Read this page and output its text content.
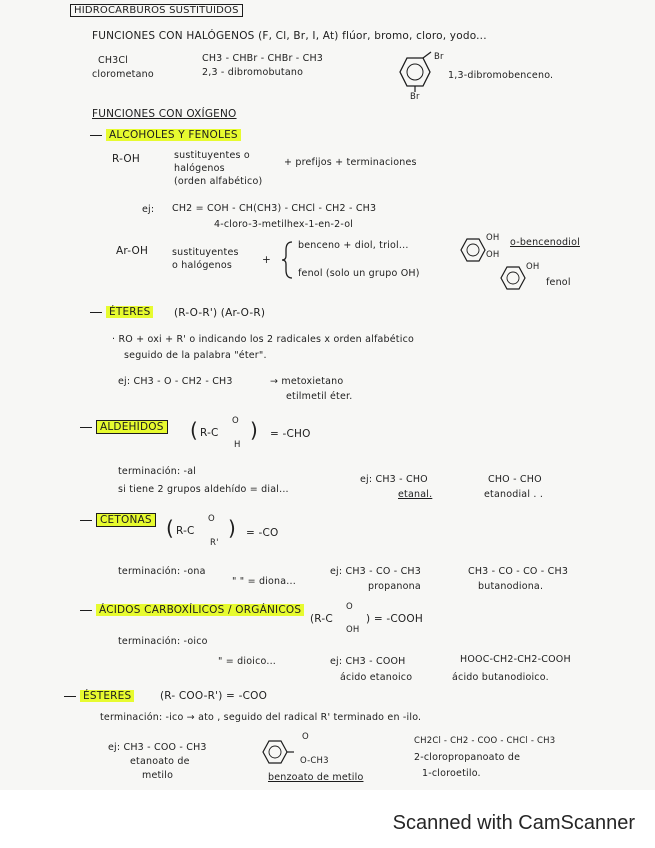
HIDROCARBUROS SUSTITUIDOS
FUNCIONES CON HALÓGENOS (F, Cl, Br, I, At) flúor, bromo, cloro, yodo...
CH3Cl
clorometano
CH3 - CHBr - CHBr - CH3
2,3 - dibromobutano
Br
Br
1,3-dibromobenceno.
FUNCIONES CON OXÍGENO
ALCOHOLES Y FENOLES
R-OH	sustituyentes o
halógenos
(orden alfabético)
+ prefijos + terminaciones
ej: CH2 = COH - CH(CH3) - CHCl - CH2 - CH3
4-cloro-3-metilhex-1-en-2-ol
Ar-OH	sustituyentes
o halógenos	+
benceno + diol, triol...
fenol (solo un grupo OH)
OH
OH
o-bencenodiol
OH
fenol
ÉTERES (R-O-R') (Ar-O-R)
· RO + oxi + R' o indicando los 2 radicales x orden alfabético
seguido de la palabra "éter".
ej: CH3 - O - CH2 - CH3	→ metoxietano
etilmetil éter.
ALDEHÍDOS ( R-C
O
H
) = -CHO
terminación: -al
si tiene 2 grupos aldehído = dial...
ej: CH3 - CHO
etanal.
CHO - CHO
etanodial . .
CETONAS ( R-C
O
R'
) = -CO
terminación: -ona
" " = diona...
ej: CH3 - CO - CH3
propanona
CH3 - CO - CO - CH3
butanodiona.
ÁCIDOS CARBOXÍLICOS / ORGÁNICOS
(R-C
O
OH
) = -COOH
terminación: -oico
" = dioico...	ej: CH3 - COOH
ácido etanoico
HOOC-CH2-CH2-COOH
ácido butanodioico.
ÉSTERES	(R- COO-R') = -COO
terminación: -ico → ato , seguido del radical R' terminado en -ilo.
ej: CH3 - COO - CH3
etanoato de
metilo
O
O-CH3
benzoato de metilo
CH2Cl - CH2 - COO - CHCl - CH3
2-cloropropanoato de
1-cloroetilo.
Scanned with CamScanner
